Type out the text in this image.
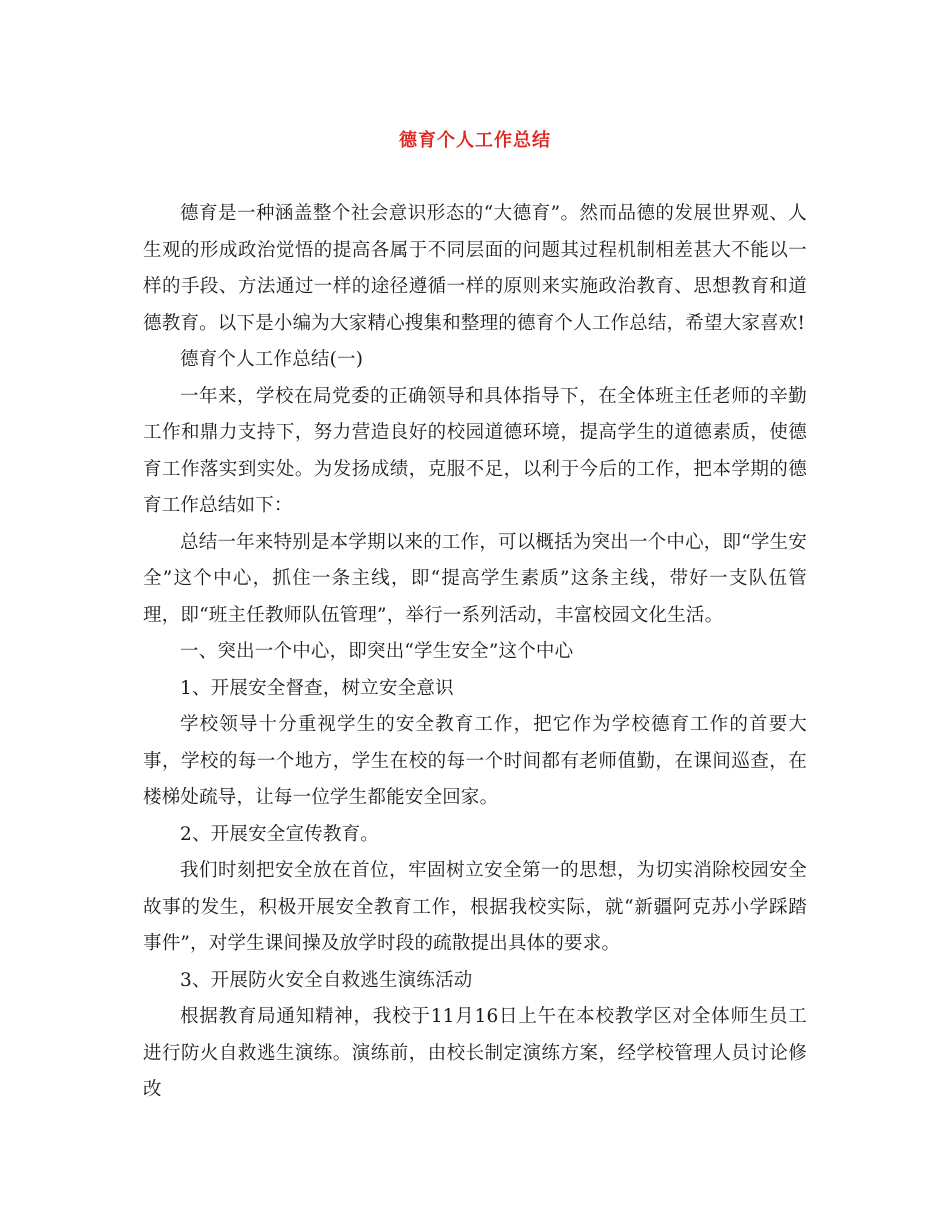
德育个人工作总结

德育是一种涵盖整个社会意识形态的“大德育”。然而品德的发展世界观、人生观的形成政治觉悟的提高各属于不同层面的问题其过程机制相差甚大不能以一样的手段、方法通过一样的途径遵循一样的原则来实施政治教育、思想教育和道德教育。以下是小编为大家精心搜集和整理的德育个人工作总结，希望大家喜欢!

德育个人工作总结(一)

一年来，学校在局党委的正确领导和具体指导下，在全体班主任老师的辛勤工作和鼎力支持下，努力营造良好的校园道德环境，提高学生的道德素质，使德育工作落实到实处。为发扬成绩，克服不足，以利于今后的工作，把本学期的德育工作总结如下：

总结一年来特别是本学期以来的工作，可以概括为突出一个中心，即“学生安全”这个中心，抓住一条主线，即“提高学生素质”这条主线，带好一支队伍管理，即“班主任教师队伍管理”，举行一系列活动，丰富校园文化生活。

一、突出一个中心，即突出“学生安全”这个中心

1、开展安全督查，树立安全意识

学校领导十分重视学生的安全教育工作，把它作为学校德育工作的首要大事，学校的每一个地方，学生在校的每一个时间都有老师值勤，在课间巡查，在楼梯处疏导，让每一位学生都能安全回家。

2、开展安全宣传教育。

我们时刻把安全放在首位，牢固树立安全第一的思想，为切实消除校园安全故事的发生，积极开展安全教育工作，根据我校实际，就“新疆阿克苏小学踩踏事件”，对学生课间操及放学时段的疏散提出具体的要求。

3、开展防火安全自救逃生演练活动

根据教育局通知精神，我校于11月16日上午在本校教学区对全体师生员工进行防火自救逃生演练。演练前，由校长制定演练方案，经学校管理人员讨论修改
